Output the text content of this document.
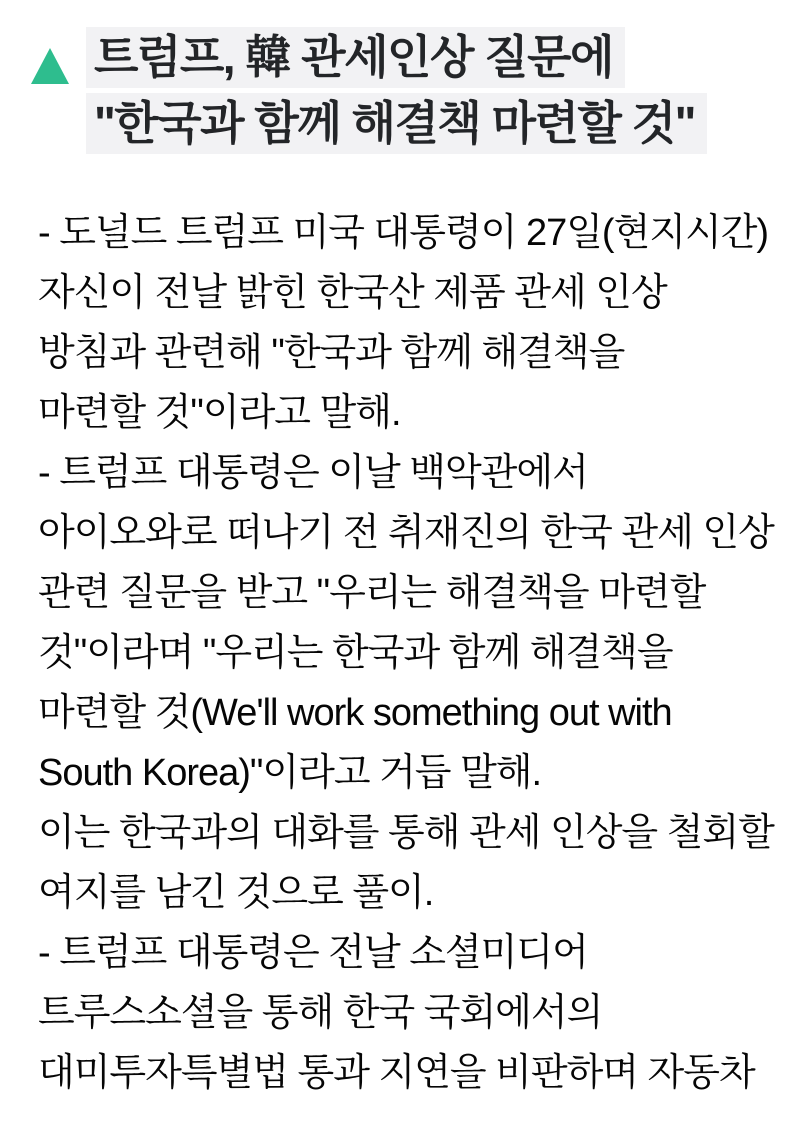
트럼프, 韓 관세인상 질문에
"한국과 함께 해결책 마련할 것"
- 도널드 트럼프 미국 대통령이 27일(현지시간)
자신이 전날 밝힌 한국산 제품 관세 인상
방침과 관련해 "한국과 함께 해결책을
마련할 것"이라고 말해.
- 트럼프 대통령은 이날 백악관에서
아이오와로 떠나기 전 취재진의 한국 관세 인상
관련 질문을 받고 "우리는 해결책을 마련할
것"이라며 "우리는 한국과 함께 해결책을
마련할 것(We'll work something out with
South Korea)"이라고 거듭 말해.
이는 한국과의 대화를 통해 관세 인상을 철회할
여지를 남긴 것으로 풀이.
- 트럼프 대통령은 전날 소셜미디어
트루스소셜을 통해 한국 국회에서의
대미투자특별법 통과 지연을 비판하며 자동차
